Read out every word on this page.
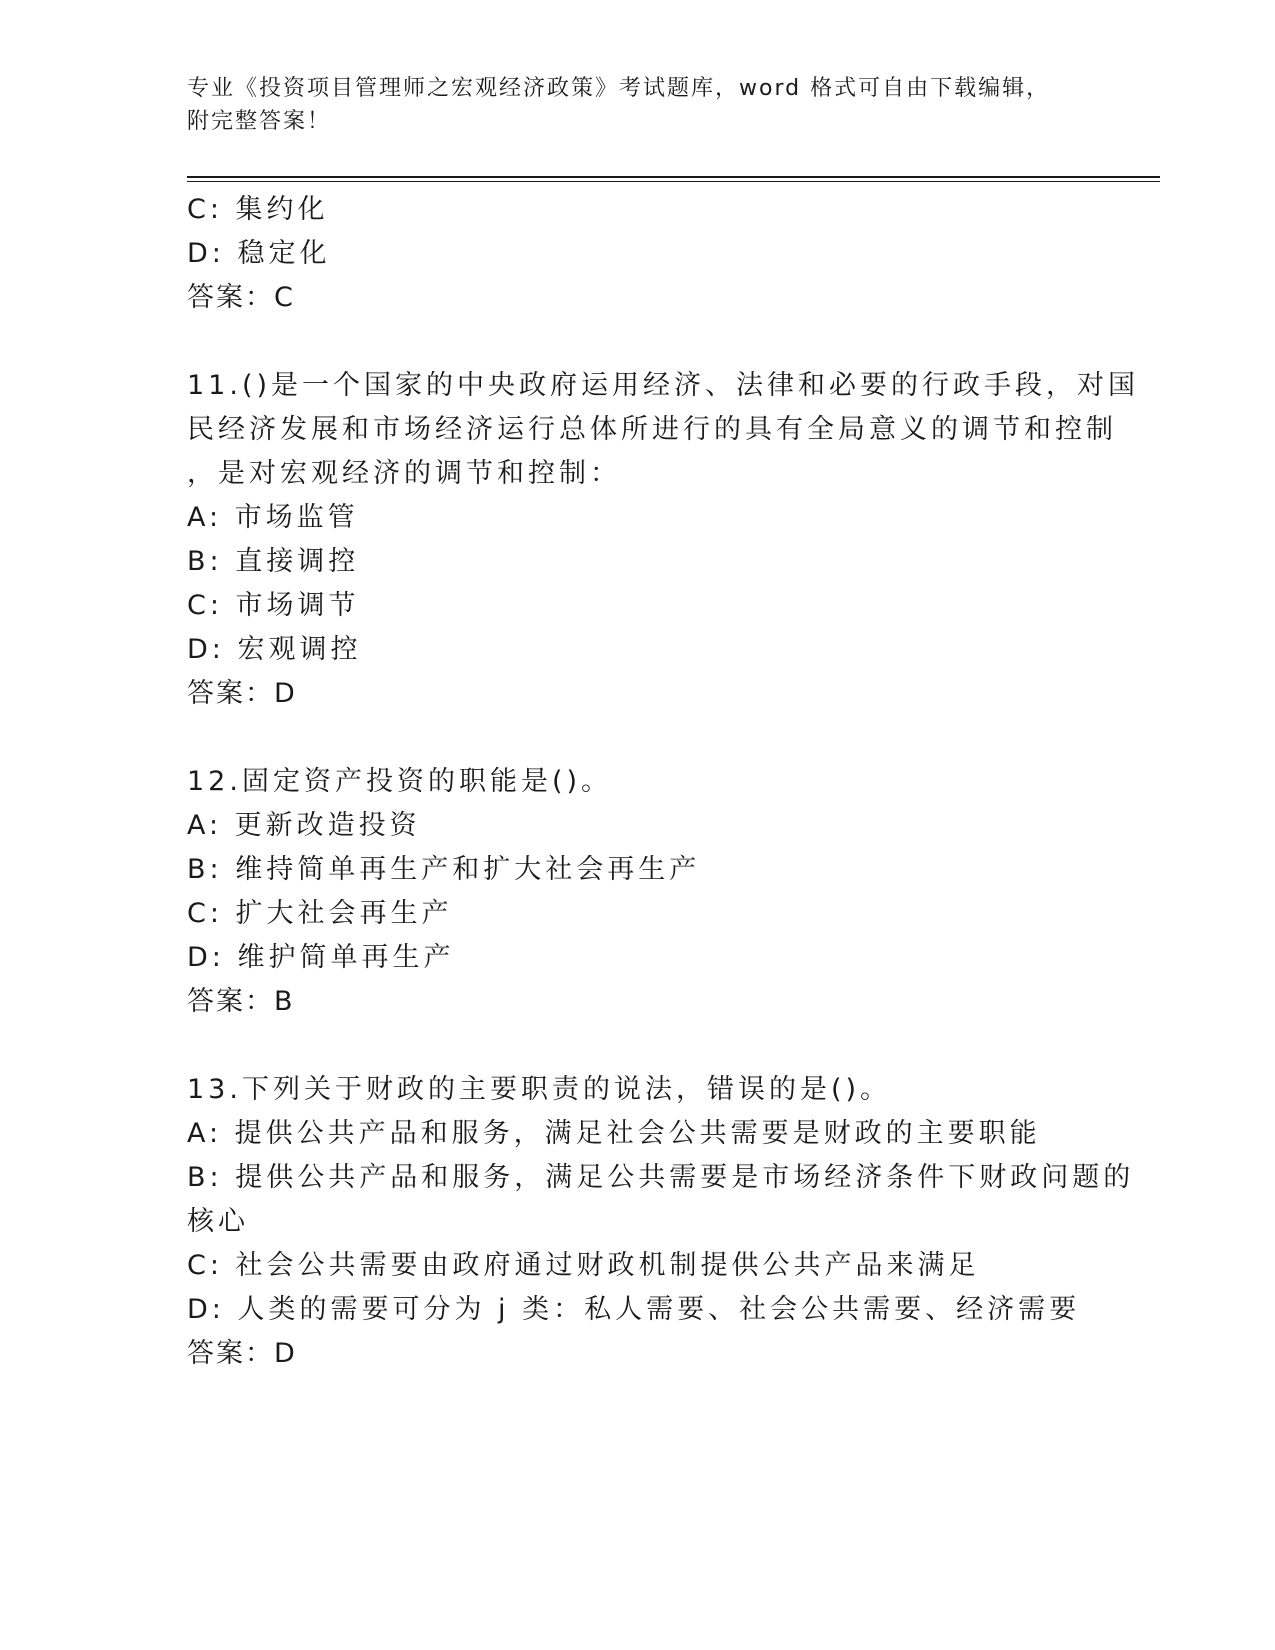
专业《投资项目管理师之宏观经济政策》考试题库，word 格式可自由下载编辑，
附完整答案！
C: 集约化
D: 稳定化
答案：C
11.()是一个国家的中央政府运用经济、法律和必要的行政手段，对国
民经济发展和市场经济运行总体所进行的具有全局意义的调节和控制
，是对宏观经济的调节和控制：
A: 市场监管
B: 直接调控
C: 市场调节
D: 宏观调控
答案：D
12.固定资产投资的职能是()。
A: 更新改造投资
B: 维持简单再生产和扩大社会再生产
C: 扩大社会再生产
D: 维护简单再生产
答案：B
13.下列关于财政的主要职责的说法，错误的是()。
A: 提供公共产品和服务，满足社会公共需要是财政的主要职能
B: 提供公共产品和服务，满足公共需要是市场经济条件下财政问题的
核心
C: 社会公共需要由政府通过财政机制提供公共产品来满足
D: 人类的需要可分为 j 类：私人需要、社会公共需要、经济需要
答案：D
